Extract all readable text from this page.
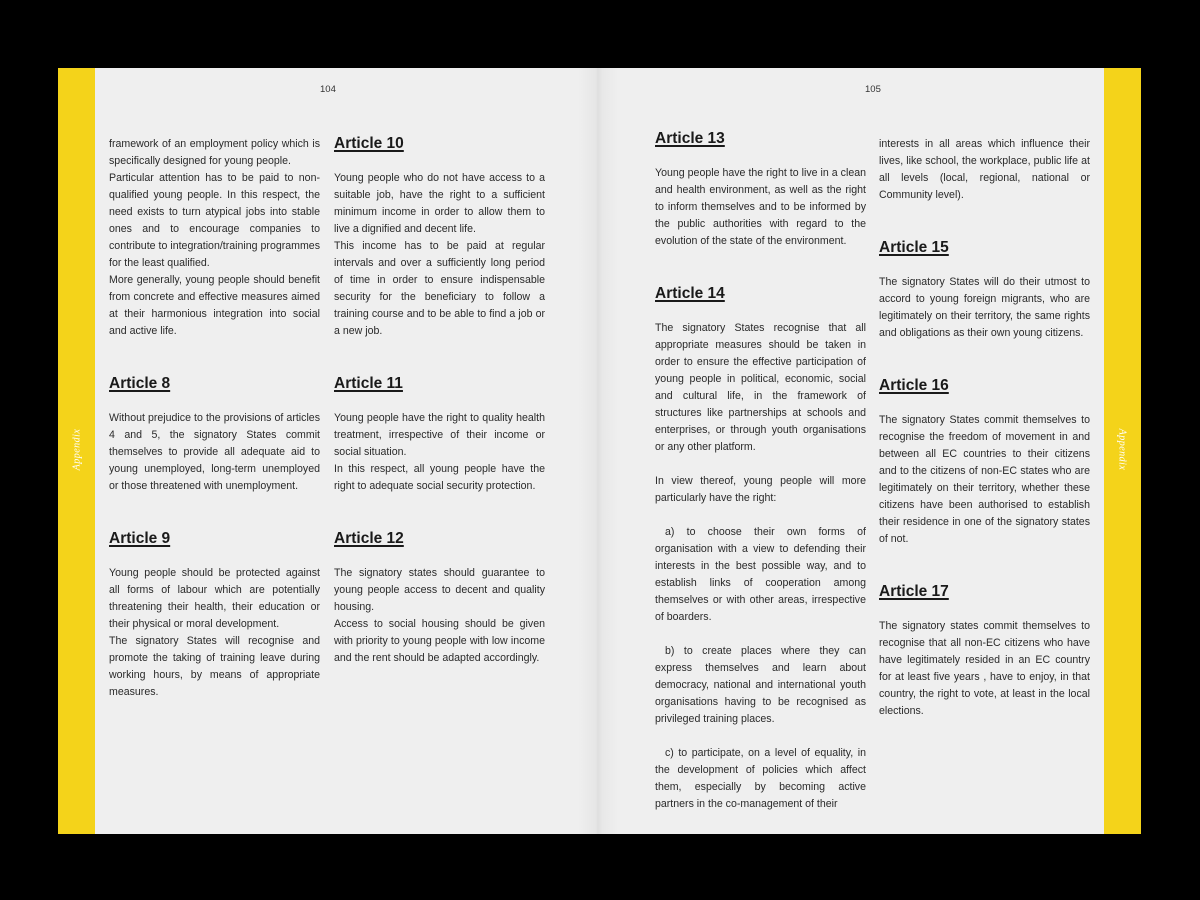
Appendix	Appendix
104	105

framework of an employment policy which is specifically designed for young people.
Particular attention has to be paid to non-qualified young people. In this respect, the need exists to turn atypical jobs into stable ones and to encourage companies to contribute to integration/training programmes for the least qualified.
More generally, young people should benefit from concrete and effective measures aimed at their harmonious integration into social and active life.

Article 8

Without prejudice to the provisions of articles 4 and 5, the signatory States commit themselves to provide all adequate aid to young unemployed, long-term unemployed or those threatened with unemployment.

Article 9

Young people should be protected against all forms of labour which are potentially threatening their health, their education or their physical or moral development.
The signatory States will recognise and promote the taking of training leave during working hours, by means of appropriate measures.

Article 10

Young people who do not have access to a suitable job, have the right to a sufficient minimum income in order to allow them to live a dignified and decent life.
This income has to be paid at regular intervals and over a sufficiently long period of time in order to ensure indispensable security for the beneficiary to follow a training course and to be able to find a job or a new job.

Article 11

Young people have the right to quality health treatment, irrespective of their income or social situation.
In this respect, all young people have the right to adequate social security protection.

Article 12

The signatory states should guarantee to young people access to decent and quality housing.
Access to social housing should be given with priority to young people with low income and the rent should be adapted accordingly.

Article 13

Young people have the right to live in a clean and health environment, as well as the right to inform themselves and to be informed by the public authorities with regard to the evolution of the state of the environment.

Article 14

The signatory States recognise that all appropriate measures should be taken in order to ensure the effective participation of young people in political, economic, social and cultural life, in the framework of structures like partnerships at schools and enterprises, or through youth organisations or any other platform.

In view thereof, young people will more particularly have the right:

a) to choose their own forms of organisation with a view to defending their interests in the best possible way, and to establish links of cooperation among themselves or with other areas, irrespective of boarders.

b) to create places where they can express themselves and learn about democracy, national and international youth organisations having to be recognised as privileged training places.

c) to participate, on a level of equality, in the development of policies which affect them, especially by becoming active partners in the co-management of their

interests in all areas which influence their lives, like school, the workplace, public life at all levels (local, regional, national or Community level).

Article 15

The signatory States will do their utmost to accord to young foreign migrants, who are legitimately on their territory, the same rights and obligations as their own young citizens.

Article 16

The signatory States commit themselves to recognise the freedom of movement in and between all EC countries to their citizens and to the citizens of non-EC states who are legitimately on their territory, whether these citizens have been authorised to establish their residence in one of the signatory states of not.

Article 17

The signatory states commit themselves to recognise that all non-EC citizens who have have legitimately resided in an EC country for at least five years , have to enjoy, in that country, the right to vote, at least in the local elections.
